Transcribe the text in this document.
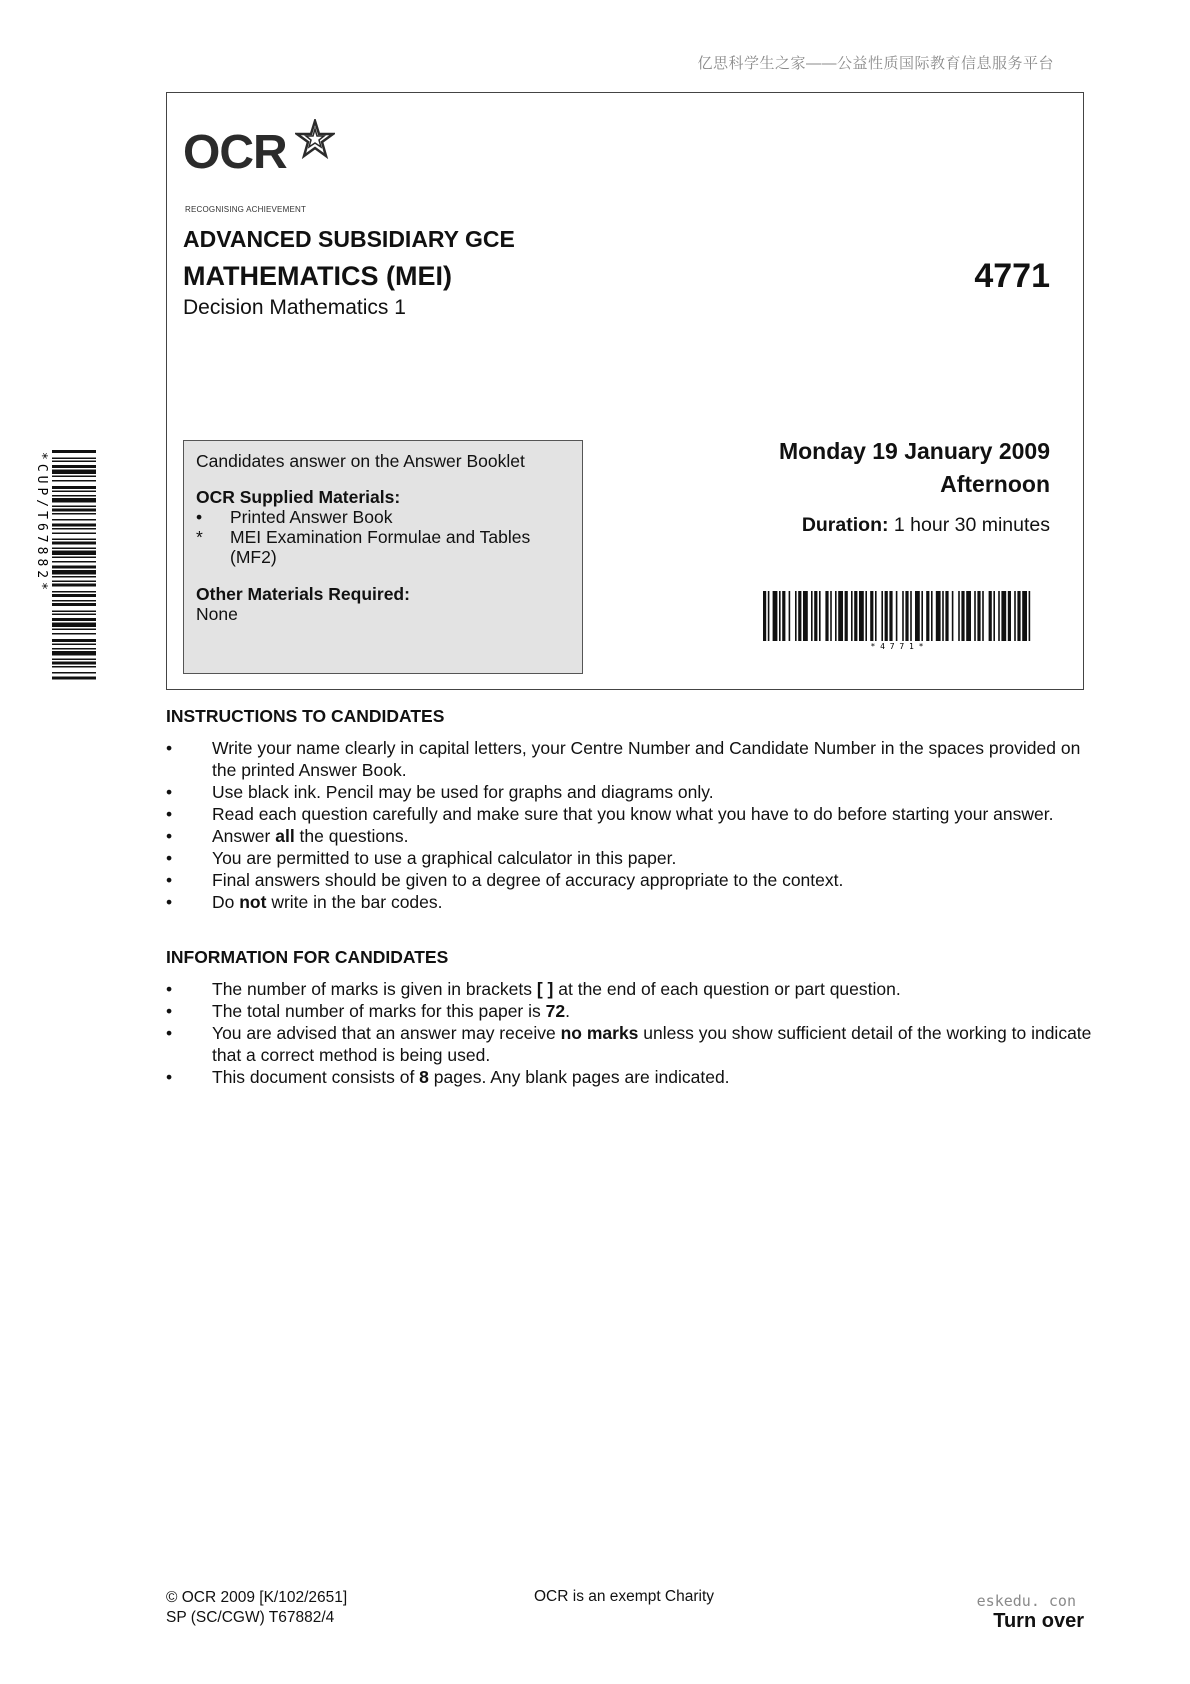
亿思科学生之家——公益性质国际教育信息服务平台
OCR
RECOGNISING ACHIEVEMENT
ADVANCED SUBSIDIARY GCE
MATHEMATICS (MEI)
Decision Mathematics 1
4771
Candidates answer on the Answer Booklet
OCR Supplied Materials:
•	Printed Answer Book
*	MEI Examination Formulae and Tables (MF2)
Other Materials Required:
None
Monday 19 January 2009
Afternoon
Duration: 1 hour 30 minutes
* 4 7 7 1 *
*CUP/T67882*
INSTRUCTIONS TO CANDIDATES
• Write your name clearly in capital letters, your Centre Number and Candidate Number in the spaces provided on the printed Answer Book.
• Use black ink. Pencil may be used for graphs and diagrams only.
• Read each question carefully and make sure that you know what you have to do before starting your answer.
• Answer all the questions.
• You are permitted to use a graphical calculator in this paper.
• Final answers should be given to a degree of accuracy appropriate to the context.
• Do not write in the bar codes.
INFORMATION FOR CANDIDATES
• The number of marks is given in brackets [ ] at the end of each question or part question.
• The total number of marks for this paper is 72.
• You are advised that an answer may receive no marks unless you show sufficient detail of the working to indicate that a correct method is being used.
• This document consists of 8 pages. Any blank pages are indicated.
© OCR 2009 [K/102/2651]
SP (SC/CGW) T67882/4
OCR is an exempt Charity	eskedu. con
Turn over
